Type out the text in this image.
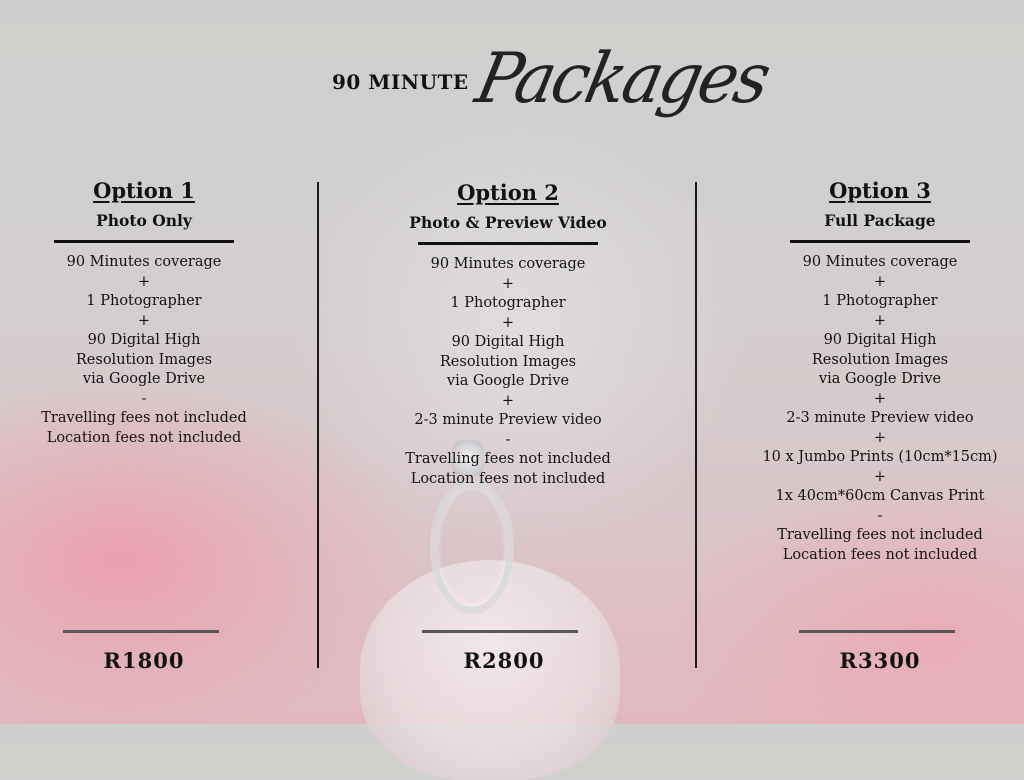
90 MINUTE Packages
Option 1
Photo Only
90 Minutes coverage
+
1 Photographer
+
90 Digital High
Resolution Images
via Google Drive
-
Travelling fees not included
Location fees not included
R1800
Option 2
Photo & Preview Video
90 Minutes coverage
+
1 Photographer
+
90 Digital High
Resolution Images
via Google Drive
+
2-3 minute Preview video
-
Travelling fees not included
Location fees not included
R2800
Option 3
Full Package
90 Minutes coverage
+
1 Photographer
+
90 Digital High
Resolution Images
via Google Drive
+
2-3 minute Preview video
+
10 x Jumbo Prints (10cm*15cm)
+
1x 40cm*60cm Canvas Print
-
Travelling fees not included
Location fees not included
R3300
